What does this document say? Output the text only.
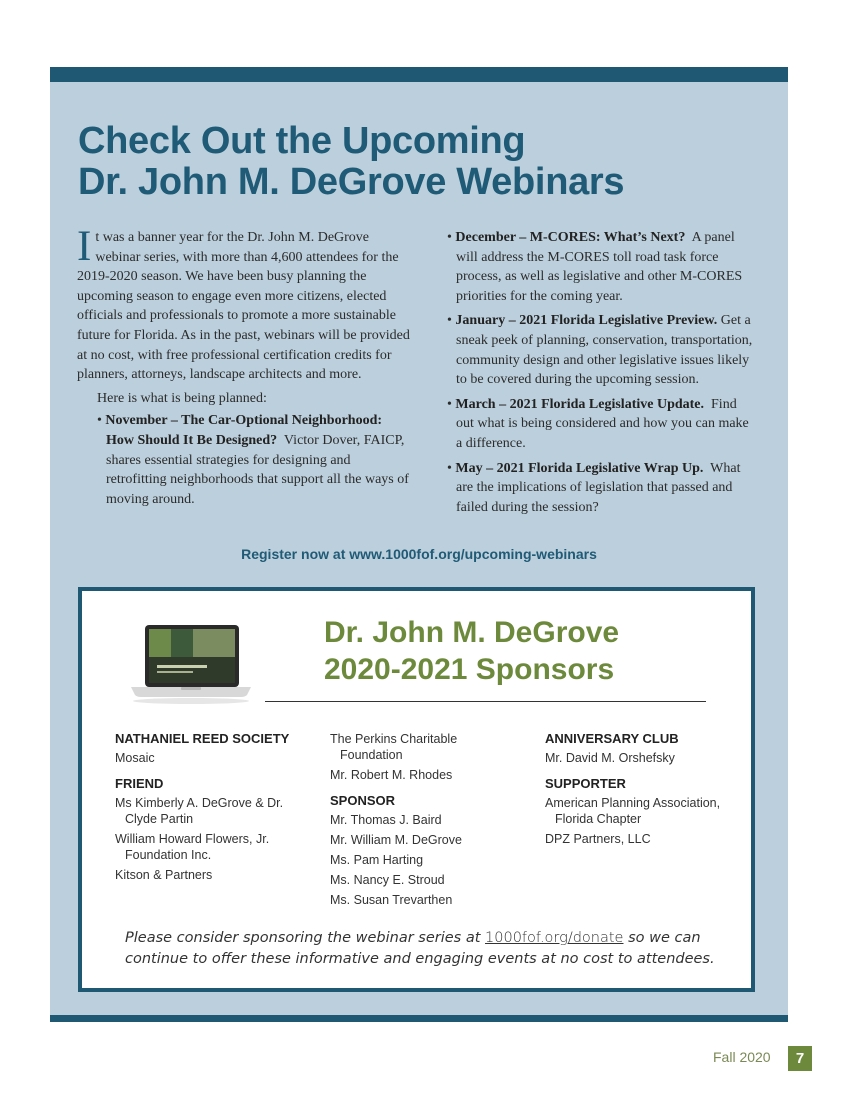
Check Out the Upcoming
Dr. John M. DeGrove Webinars

It was a banner year for the Dr. John M. DeGrove webinar series, with more than 4,600 attendees for the 2019-2020 season. We have been busy planning the upcoming season to engage even more citizens, elected officials and professionals to promote a more sustainable future for Florida. As in the past, webinars will be provided at no cost, with free professional certification credits for planners, attorneys, landscape architects and more.

Here is what is being planned:
• November – The Car-Optional Neighborhood: How Should It Be Designed? Victor Dover, FAICP, shares essential strategies for designing and retrofitting neighborhoods that support all the ways of moving around.
• December – M-CORES: What’s Next? A panel will address the M-CORES toll road task force process, as well as legislative and other M-CORES priorities for the coming year.
• January – 2021 Florida Legislative Preview. Get a sneak peek of planning, conservation, transportation, community design and other legislative issues likely to be covered during the upcoming session.
• March – 2021 Florida Legislative Update. Find out what is being considered and how you can make a difference.
• May – 2021 Florida Legislative Wrap Up. What are the implications of legislation that passed and failed during the session?
Register now at www.1000fof.org/upcoming-webinars
Dr. John M. DeGrove
2020-2021 Sponsors
NATHANIEL REED SOCIETY
Mosaic
FRIEND
Ms Kimberly A. DeGrove & Dr. Clyde Partin
William Howard Flowers, Jr. Foundation Inc.
Kitson & Partners
The Perkins Charitable Foundation
Mr. Robert M. Rhodes
SPONSOR
Mr. Thomas J. Baird
Mr. William M. DeGrove
Ms. Pam Harting
Ms. Nancy E. Stroud
Ms. Susan Trevarthen
ANNIVERSARY CLUB
Mr. David M. Orshefsky
SUPPORTER
American Planning Association, Florida Chapter
DPZ Partners, LLC
Please consider sponsoring the webinar series at 1000fof.org/donate so we can continue to offer these informative and engaging events at no cost to attendees.
Fall 2020	7
